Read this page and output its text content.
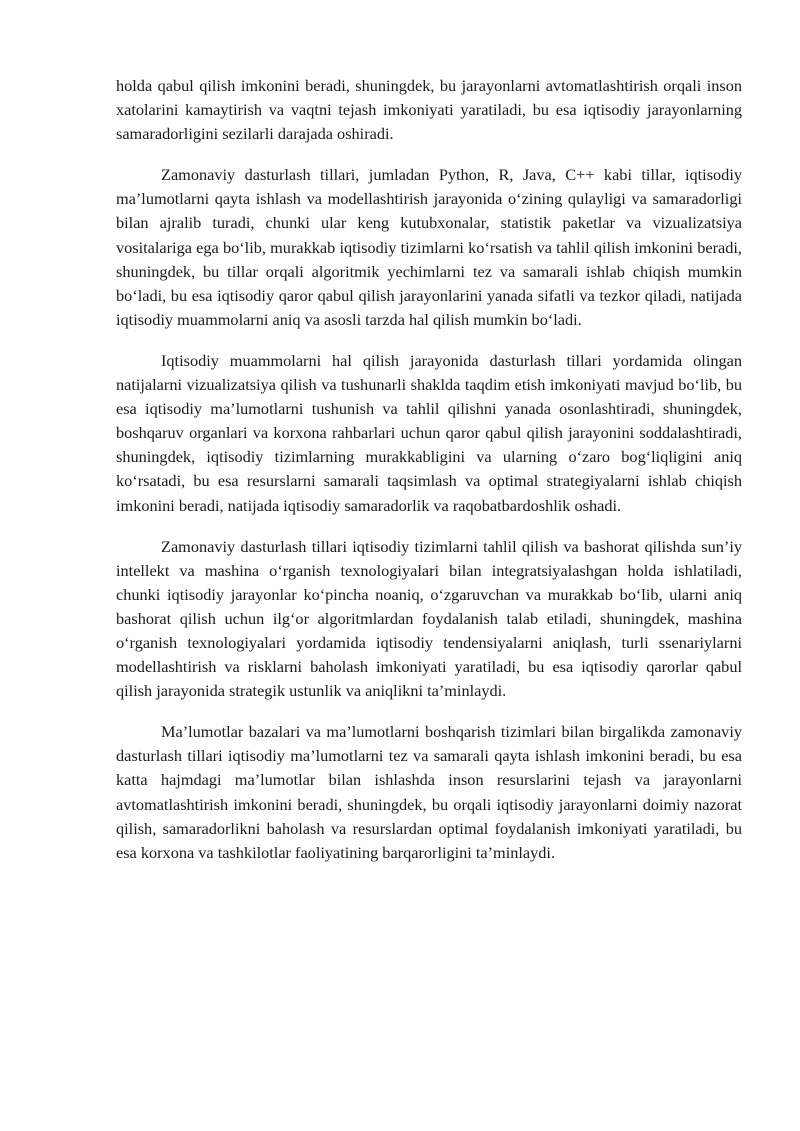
holda qabul qilish imkonini beradi, shuningdek, bu jarayonlarni avtomatlashtirish orqali inson xatolarini kamaytirish va vaqtni tejash imkoniyati yaratiladi, bu esa iqtisodiy jarayonlarning samaradorligini sezilarli darajada oshiradi.

Zamonaviy dasturlash tillari, jumladan Python, R, Java, C++ kabi tillar, iqtisodiy ma’lumotlarni qayta ishlash va modellashtirish jarayonida o‘zining qulayligi va samaradorligi bilan ajralib turadi, chunki ular keng kutubxonalar, statistik paketlar va vizualizatsiya vositalariga ega bo‘lib, murakkab iqtisodiy tizimlarni ko‘rsatish va tahlil qilish imkonini beradi, shuningdek, bu tillar orqali algoritmik yechimlarni tez va samarali ishlab chiqish mumkin bo‘ladi, bu esa iqtisodiy qaror qabul qilish jarayonlarini yanada sifatli va tezkor qiladi, natijada iqtisodiy muammolarni aniq va asosli tarzda hal qilish mumkin bo‘ladi.

Iqtisodiy muammolarni hal qilish jarayonida dasturlash tillari yordamida olingan natijalarni vizualizatsiya qilish va tushunarli shaklda taqdim etish imkoniyati mavjud bo‘lib, bu esa iqtisodiy ma’lumotlarni tushunish va tahlil qilishni yanada osonlashtiradi, shuningdek, boshqaruv organlari va korxona rahbarlari uchun qaror qabul qilish jarayonini soddalashtiradi, shuningdek, iqtisodiy tizimlarning murakkabligini va ularning o‘zaro bog‘liqligini aniq ko‘rsatadi, bu esa resurslarni samarali taqsimlash va optimal strategiyalarni ishlab chiqish imkonini beradi, natijada iqtisodiy samaradorlik va raqobatbardoshlik oshadi.

Zamonaviy dasturlash tillari iqtisodiy tizimlarni tahlil qilish va bashorat qilishda sun’iy intellekt va mashina o‘rganish texnologiyalari bilan integratsiyalashgan holda ishlatiladi, chunki iqtisodiy jarayonlar ko‘pincha noaniq, o‘zgaruvchan va murakkab bo‘lib, ularni aniq bashorat qilish uchun ilg‘or algoritmlardan foydalanish talab etiladi, shuningdek, mashina o‘rganish texnologiyalari yordamida iqtisodiy tendensiyalarni aniqlash, turli ssenariylarni modellashtirish va risklarni baholash imkoniyati yaratiladi, bu esa iqtisodiy qarorlar qabul qilish jarayonida strategik ustunlik va aniqlikni ta’minlaydi.

Ma’lumotlar bazalari va ma’lumotlarni boshqarish tizimlari bilan birgalikda zamonaviy dasturlash tillari iqtisodiy ma’lumotlarni tez va samarali qayta ishlash imkonini beradi, bu esa katta hajmdagi ma’lumotlar bilan ishlashda inson resurslarini tejash va jarayonlarni avtomatlashtirish imkonini beradi, shuningdek, bu orqali iqtisodiy jarayonlarni doimiy nazorat qilish, samaradorlikni baholash va resurslardan optimal foydalanish imkoniyati yaratiladi, bu esa korxona va tashkilotlar faoliyatining barqarorligini ta’minlaydi.
